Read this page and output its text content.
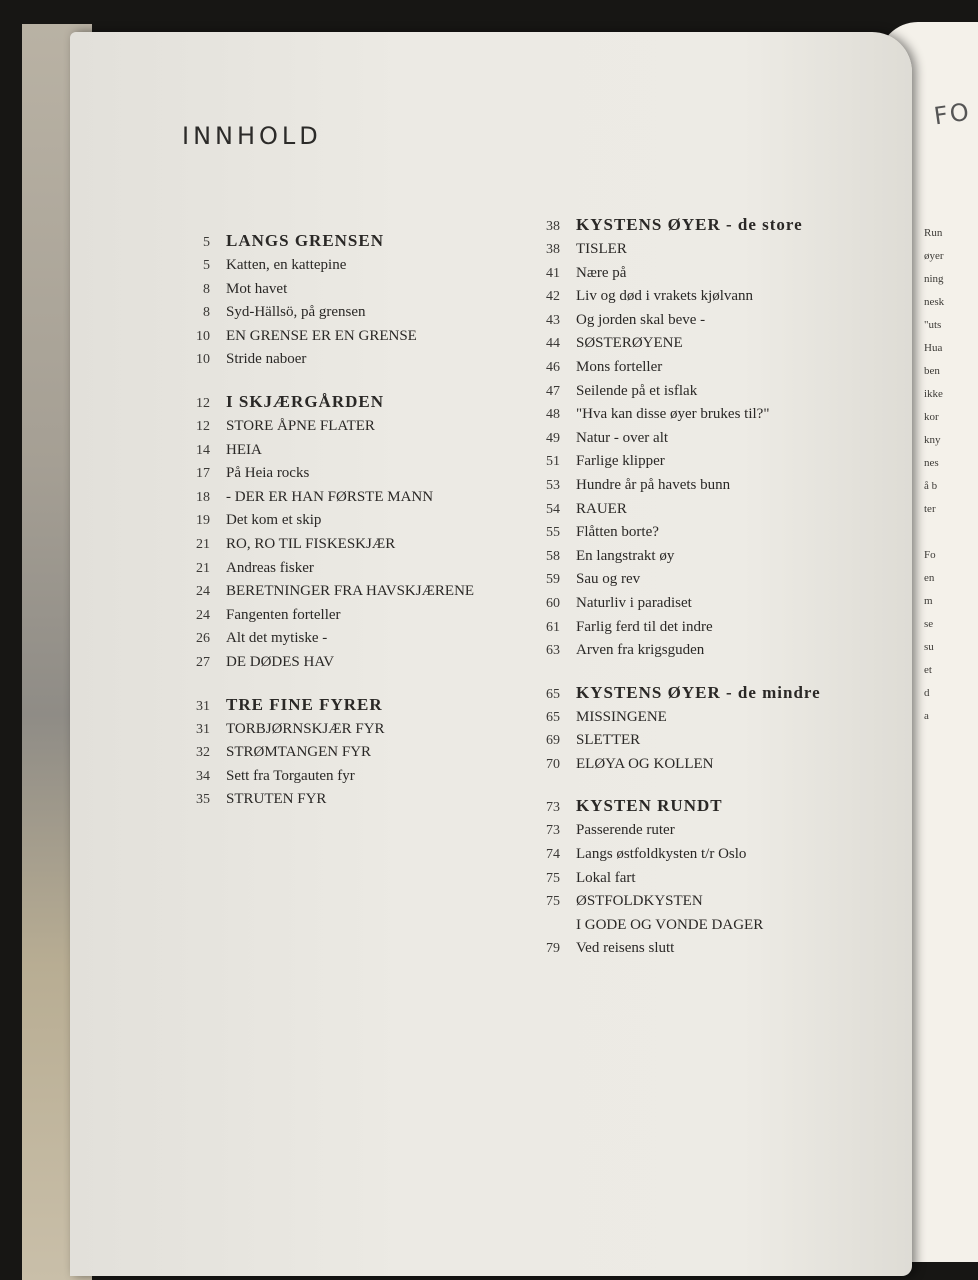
FO
Run
øyer
ning
nesk
"uts
Hua
ben
ikke
kor
kny
nes
å b
ter

Fo
en
m
se
su
et
d
a
INNHOLD
5 LANGS GRENSEN
5	Katten, en kattepine
8	Mot havet
8	Syd-Hällsö, på grensen
10	EN GRENSE ER EN GRENSE
10	Stride naboer
12 I SKJÆRGÅRDEN
12	STORE ÅPNE FLATER
14	HEIA
17	På Heia rocks
18	- DER ER HAN FØRSTE MANN
19	Det kom et skip
21	RO, RO TIL FISKESKJÆR
21	Andreas fisker
24	BERETNINGER FRA HAVSKJÆRENE
24	Fangenten forteller
26	Alt det mytiske -
27	DE DØDES HAV
31 TRE FINE FYRER
31	TORBJØRNSKJÆR FYR
32	STRØMTANGEN FYR
34	Sett fra Torgauten fyr
35	STRUTEN FYR
38 KYSTENS ØYER - de store
38	TISLER
41	Nære på
42	Liv og død i vrakets kjølvann
43	Og jorden skal beve -
44	SØSTERØYENE
46	Mons forteller
47	Seilende på et isflak
48	"Hva kan disse øyer brukes til?"
49	Natur - over alt
51	Farlige klipper
53	Hundre år på havets bunn
54	RAUER
55	Flåtten borte?
58	En langstrakt øy
59	Sau og rev
60	Naturliv i paradiset
61	Farlig ferd til det indre
63	Arven fra krigsguden
65 KYSTENS ØYER - de mindre
65	MISSINGENE
69	SLETTER
70	ELØYA OG KOLLEN
73 KYSTEN RUNDT
73	Passerende ruter
74	Langs østfoldkysten t/r Oslo
75	Lokal fart
75	ØSTFOLDKYSTEN
I GODE OG VONDE DAGER
79	Ved reisens slutt
